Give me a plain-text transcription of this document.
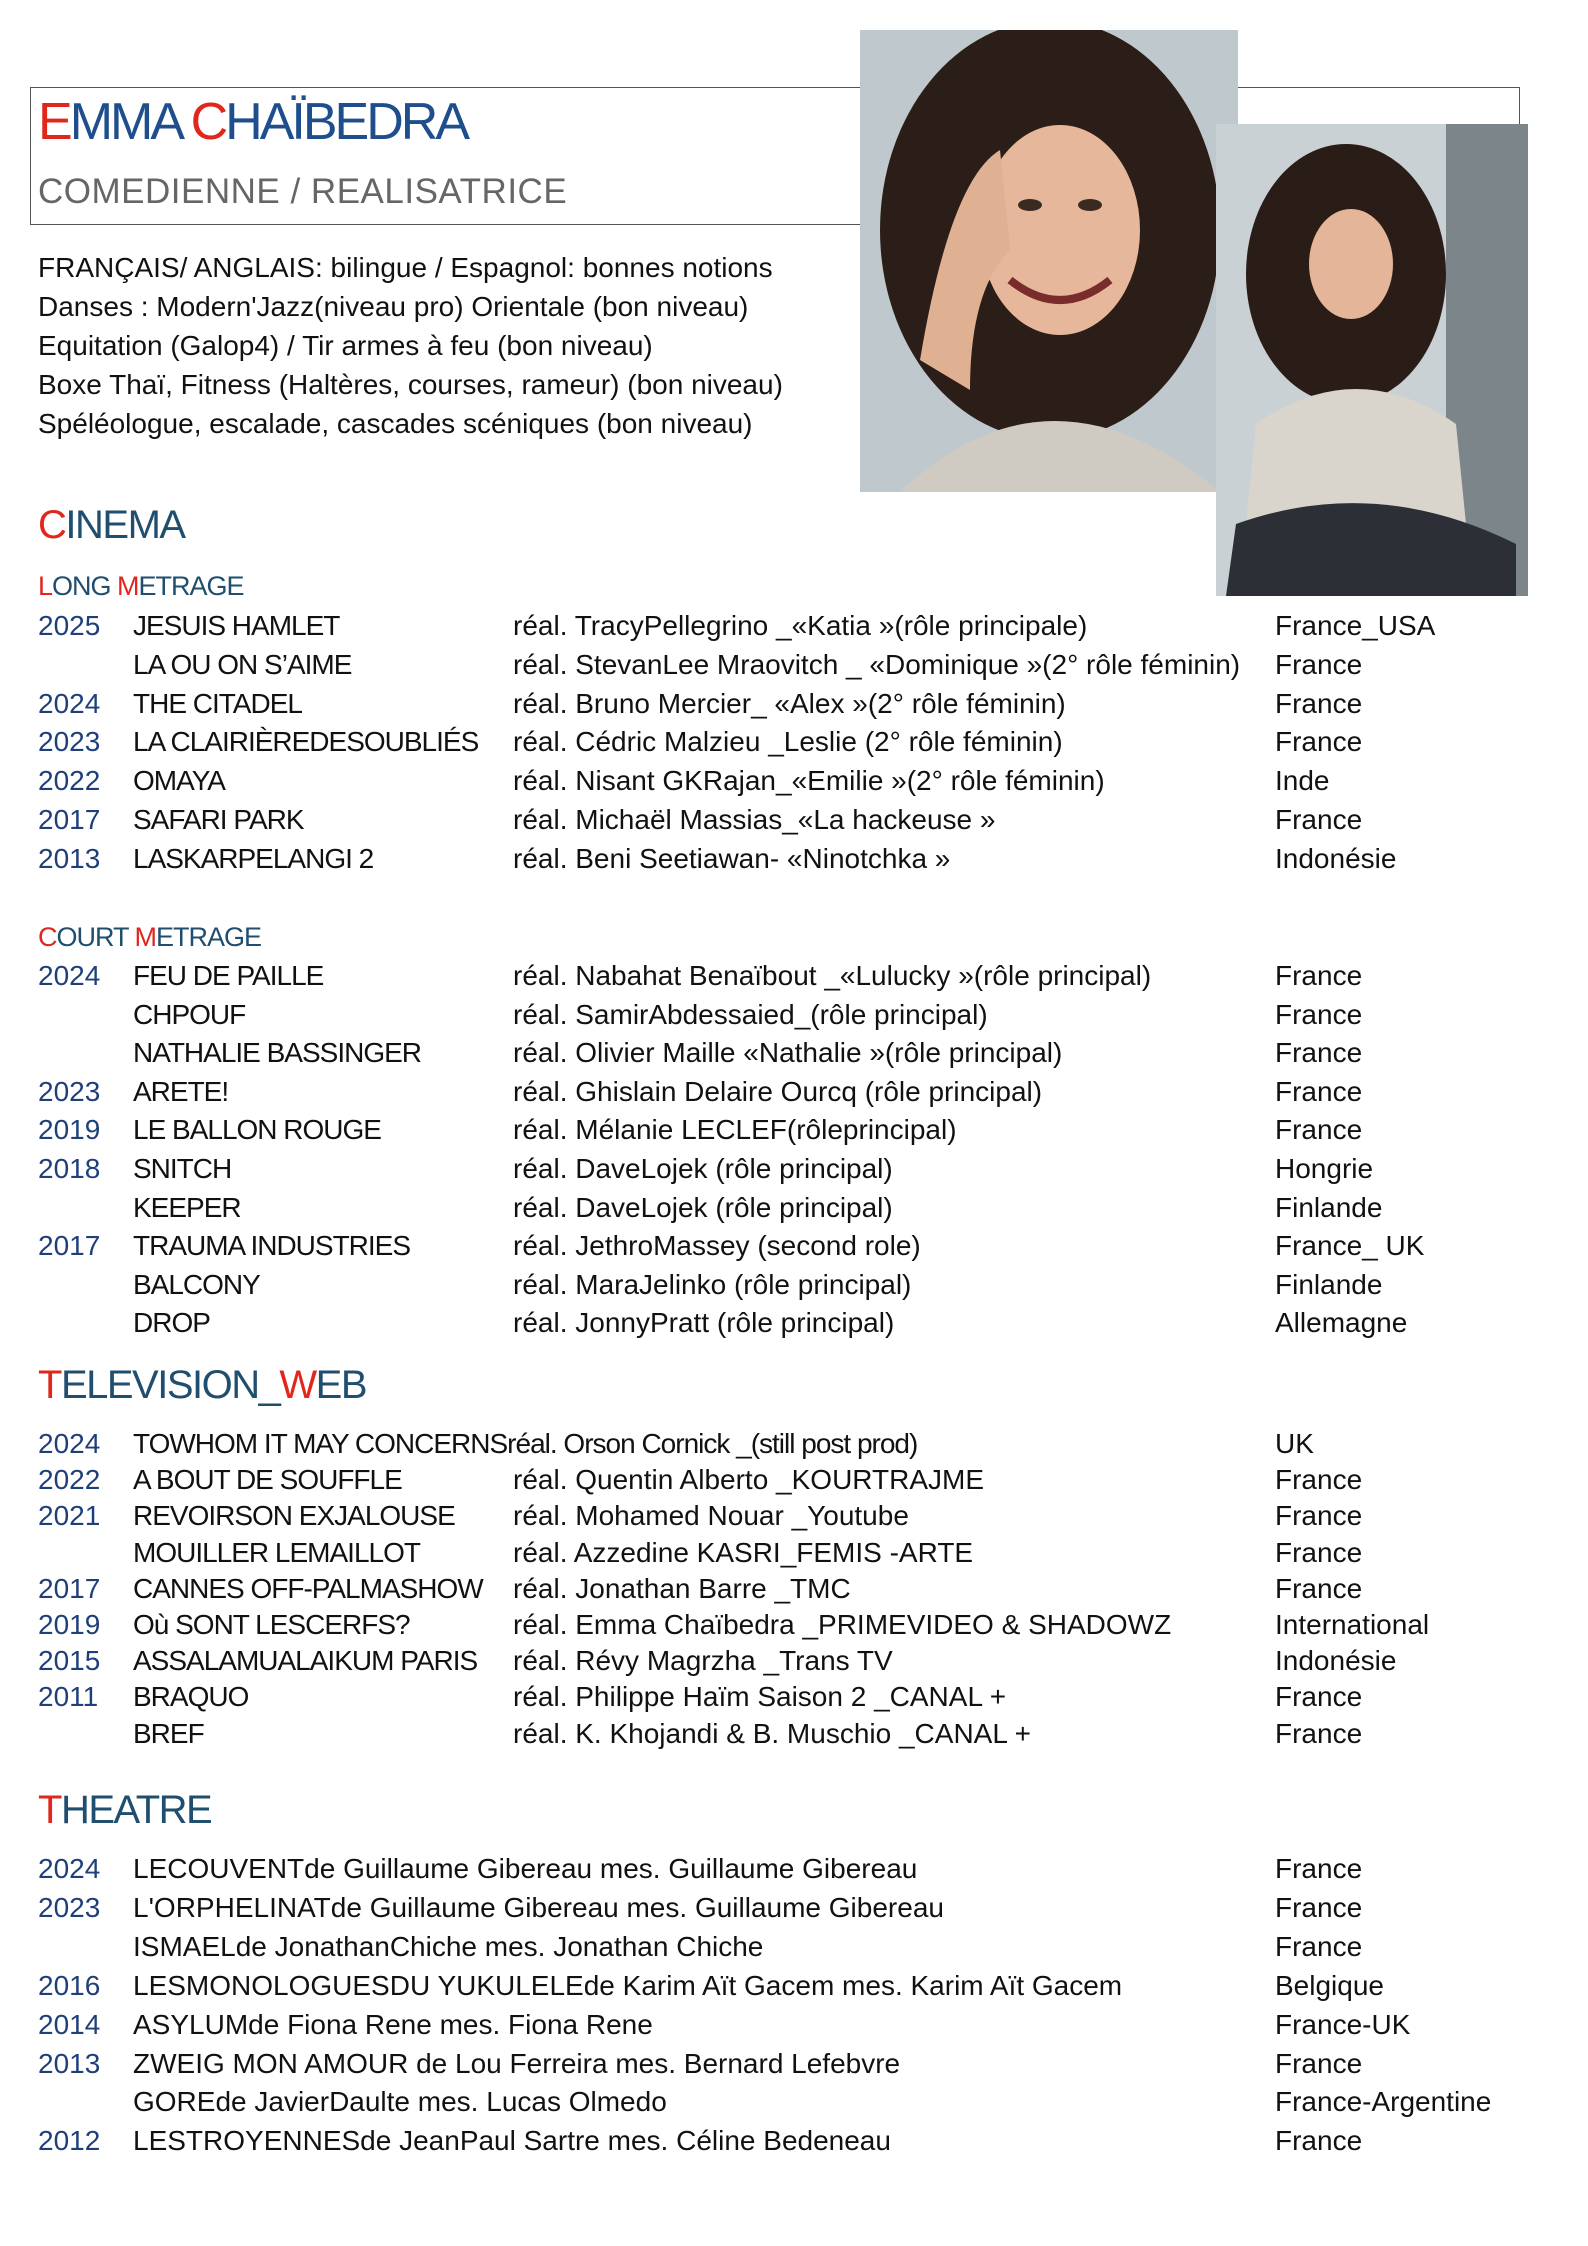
EMMA CHAÏBEDRA
COMEDIENNE / REALISATRICE
FRANÇAIS/ ANGLAIS: bilingue / Espagnol: bonnes notions
Danses : Modern'Jazz(niveau pro) Orientale (bon niveau)
Equitation (Galop4) / Tir armes à feu (bon niveau)
Boxe Thaï, Fitness (Haltères, courses, rameur) (bon niveau)
Spéléologue, escalade, cascades scéniques (bon niveau)
CINEMA
LONG METRAGE
2025 JESUIS HAMLET	réal. TracyPellegrino _«Katia »(rôle principale)	France_USA
LA OU ON S’AIME	réal. StevanLee Mraovitch _ «Dominique »(2° rôle féminin) France
2024 THE CITADEL	réal. Bruno Mercier_ «Alex »(2° rôle féminin)	France
2023 LA CLAIRIÈREDESOUBLIÉS réal. Cédric Malzieu _Leslie (2° rôle féminin)	France
2022 OMAYA	réal. Nisant GKRajan_«Emilie »(2° rôle féminin)	Inde
2017 SAFARI PARK	réal. Michaël Massias_«La hackeuse »	France
2013 LASKARPELANGI 2	réal. Beni Seetiawan- «Ninotchka »	Indonésie
COURT METRAGE
2024 FEU DE PAILLE	réal. Nabahat Benaïbout _«Lulucky »(rôle principal)	France
CHPOUF	réal. SamirAbdessaied_(rôle principal)	France
NATHALIE BASSINGER	réal. Olivier Maille «Nathalie »(rôle principal)	France
2023 ARETE!	réal. Ghislain Delaire Ourcq (rôle principal)	France
2019 LE BALLON ROUGE	réal. Mélanie LECLEF(rôleprincipal)	France
2018 SNITCH	réal. DaveLojek (rôle principal)	Hongrie
KEEPER	réal. DaveLojek (rôle principal)	Finlande
2017 TRAUMA INDUSTRIES	réal. JethroMassey (second role)	France_ UK
BALCONY	réal. MaraJelinko (rôle principal)	Finlande
DROP	réal. JonnyPratt (rôle principal)	Allemagne
TELEVISION_WEB
2024 TOWHOM IT MAY CONCERNSréal. Orson Cornick _(still post prod)	UK
2022 A BOUT DE SOUFFLE	réal. Quentin Alberto _KOURTRAJME	France
2021 REVOIRSON EXJALOUSE réal. Mohamed Nouar _Youtube	France
MOUILLER LEMAILLOT	réal. Azzedine KASRI_FEMIS -ARTE	France
2017 CANNES OFF-PALMASHOW réal. Jonathan Barre _TMC	France
2019 Où SONT LESCERFS?	réal. Emma Chaïbedra _PRIMEVIDEO & SHADOWZ	International
2015 ASSALAMUALAIKUM PARIS réal. Révy Magrzha _Trans TV	Indonésie
2011 BRAQUO	réal. Philippe Haïm Saison 2 _CANAL +	France
BREF	réal. K. Khojandi & B. Muschio _CANAL +	France
THEATRE
2024 LECOUVENTde Guillaume Gibereau mes. Guillaume Gibereau	France
2023 L'ORPHELINATde Guillaume Gibereau mes. Guillaume Gibereau	France
ISMAELde JonathanChiche mes. Jonathan Chiche	France
2016 LESMONOLOGUESDU YUKULELEde Karim Aït Gacem mes. Karim Aït Gacem	Belgique
2014 ASYLUMde Fiona Rene mes. Fiona Rene	France-UK
2013 ZWEIG MON AMOUR de Lou Ferreira mes. Bernard Lefebvre	France
GOREde JavierDaulte mes. Lucas Olmedo	France-Argentine
2012 LESTROYENNESde JeanPaul Sartre mes. Céline Bedeneau	France
